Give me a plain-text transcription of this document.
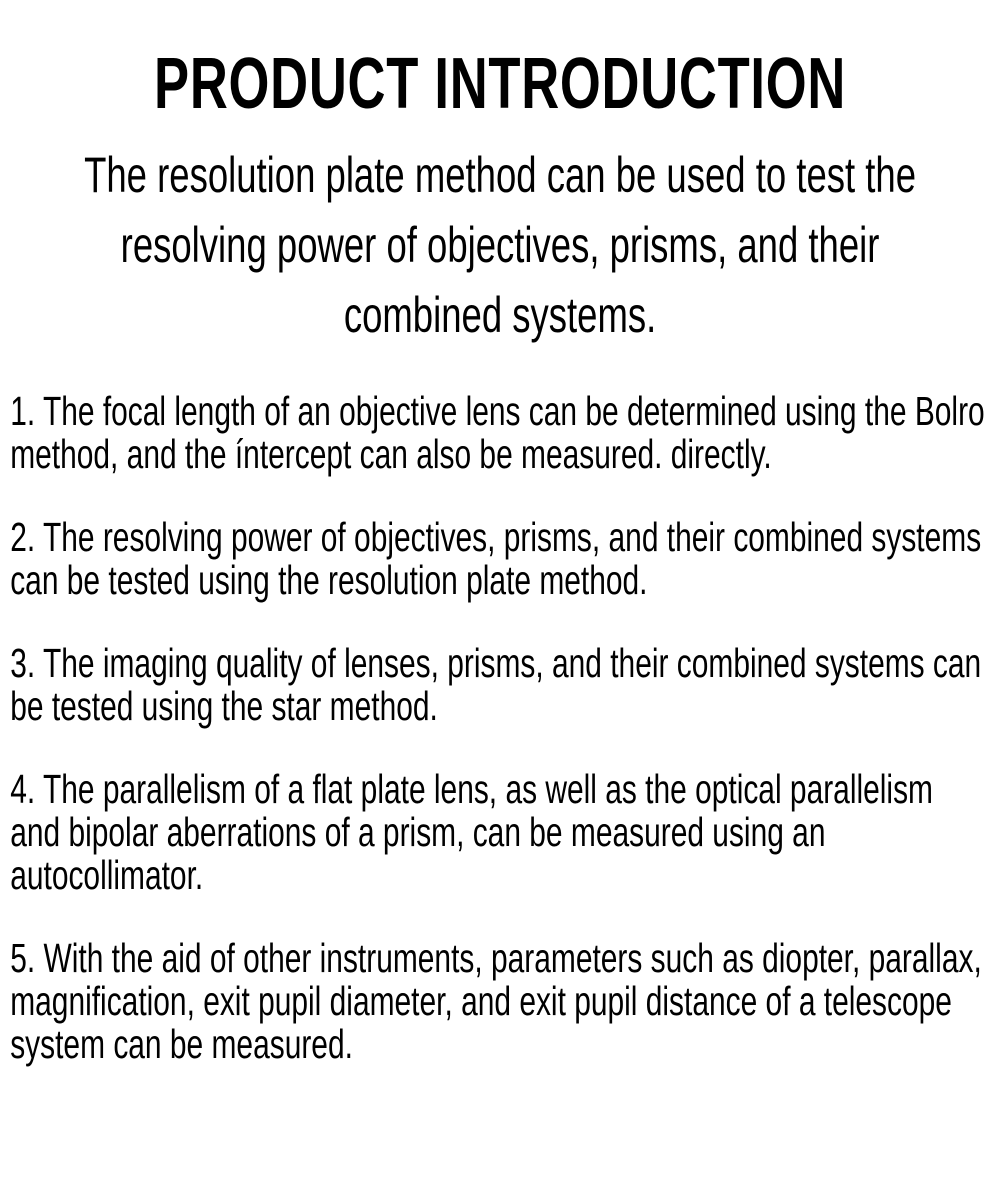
PRODUCT INTRODUCTION

The resolution plate method can be used to test the resolving power of objectives, prisms, and their combined systems.

1. The focal length of an objective lens can be determined using the Bolro method, and the íntercept can also be measured. directly.

2. The resolving power of objectives, prisms, and their combined systems can be tested using the resolution plate method.

3. The imaging quality of lenses, prisms, and their combined systems can be tested using the star method.

4. The parallelism of a flat plate lens, as well as the optical parallelism and bipolar aberrations of a prism, can be measured using an autocollimator.

5. With the aid of other instruments, parameters such as diopter, parallax, magnification, exit pupil diameter, and exit pupil distance of a telescope system can be measured.
